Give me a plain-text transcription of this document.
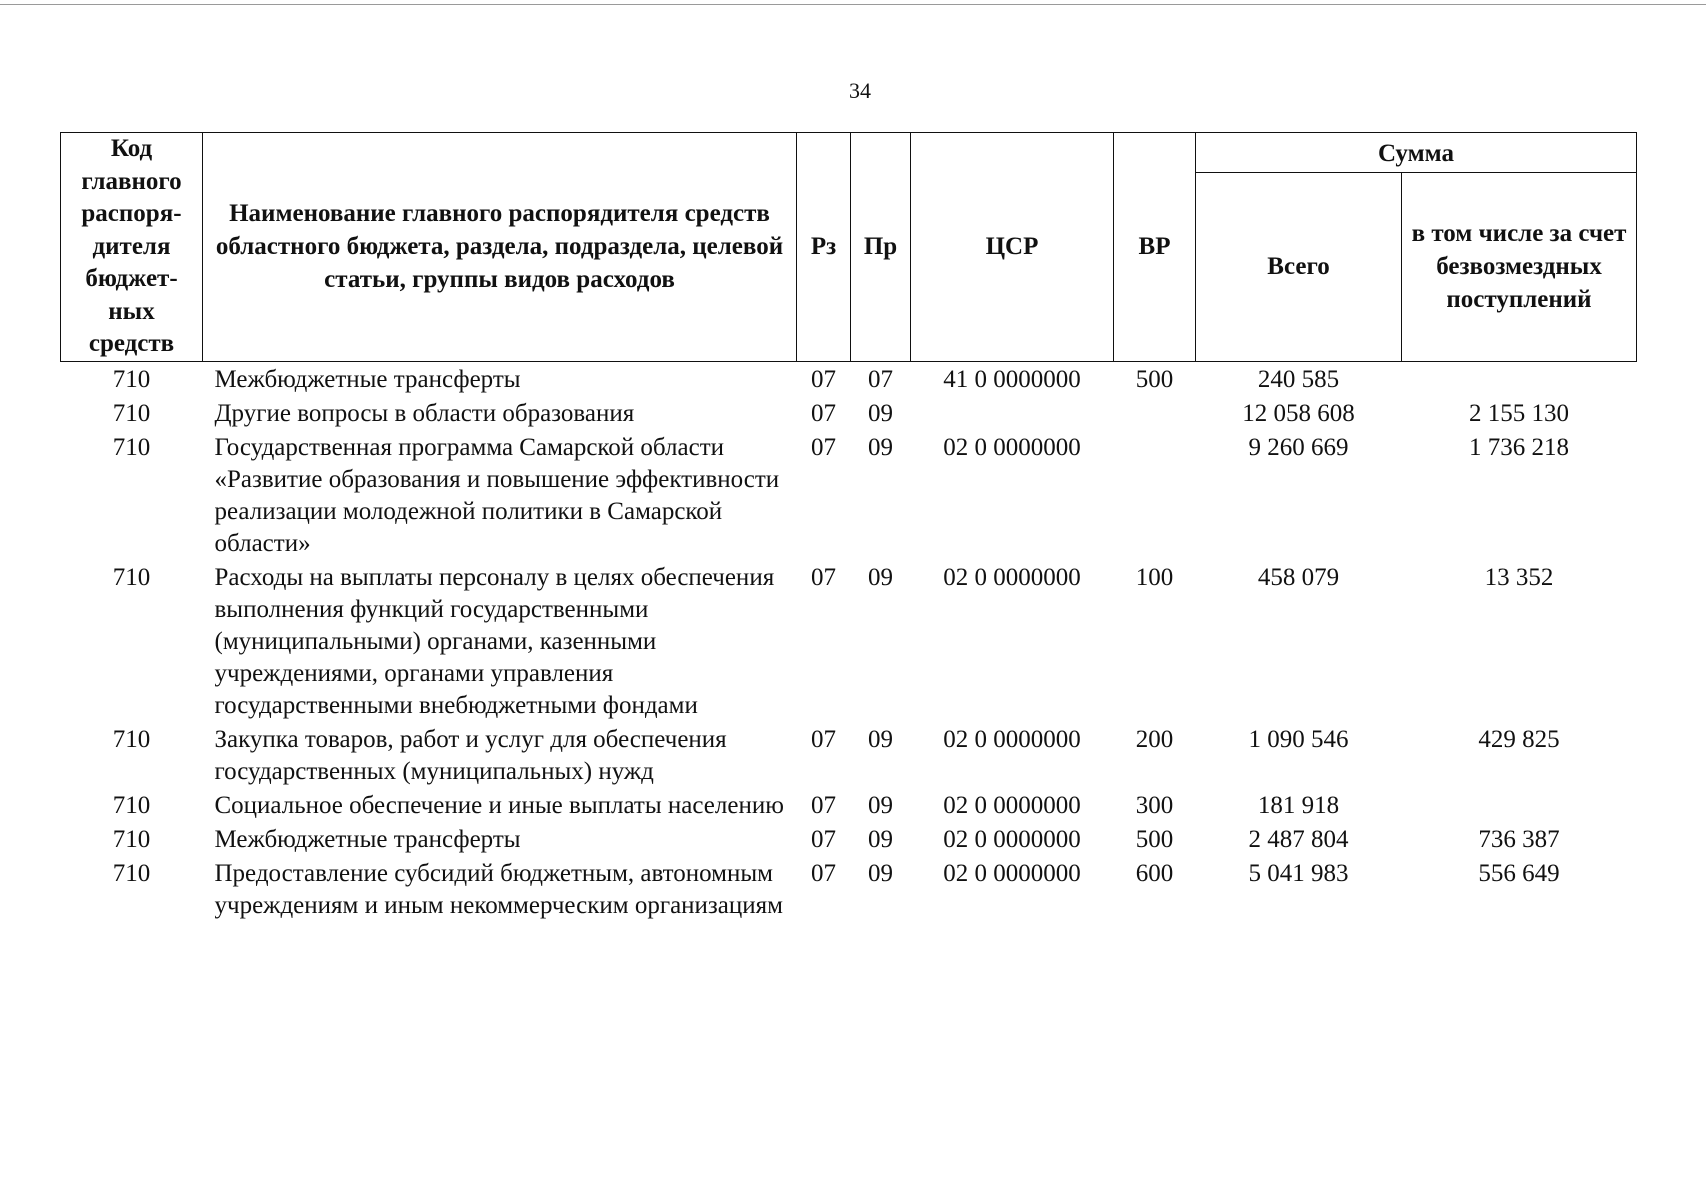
34
Код главного распоря-дителя бюджет-ных средств	Наименование главного распорядителя средств областного бюджета, раздела, подраздела, целевой статьи, группы видов расходов	Рз	Пр	ЦСР	ВР	Сумма	
						Всего	в том числе за счет безвозмездных поступлений
710	Межбюджетные трансферты	07	07	41 0 0000000	500	240 585	
710	Другие вопросы в области образования	07	09			12 058 608	2 155 130
710	Государственная программа Самарской области «Развитие образования и повышение эффективности реализации молодежной политики в Самарской области»	07	09	02 0 0000000		9 260 669	1 736 218
710	Расходы на выплаты персоналу в целях обеспечения выполнения функций государственными (муниципальными) органами, казенными учреждениями, органами управления государственными внебюджетными фондами	07	09	02 0 0000000	100	458 079	13 352
710	Закупка товаров, работ и услуг для обеспечения государственных (муниципальных) нужд	07	09	02 0 0000000	200	1 090 546	429 825
710	Социальное обеспечение и иные выплаты населению	07	09	02 0 0000000	300	181 918	
710	Межбюджетные трансферты	07	09	02 0 0000000	500	2 487 804	736 387
710	Предоставление субсидий бюджетным, автономным учреждениям и иным некоммерческим организациям	07	09	02 0 0000000	600	5 041 983	556 649
